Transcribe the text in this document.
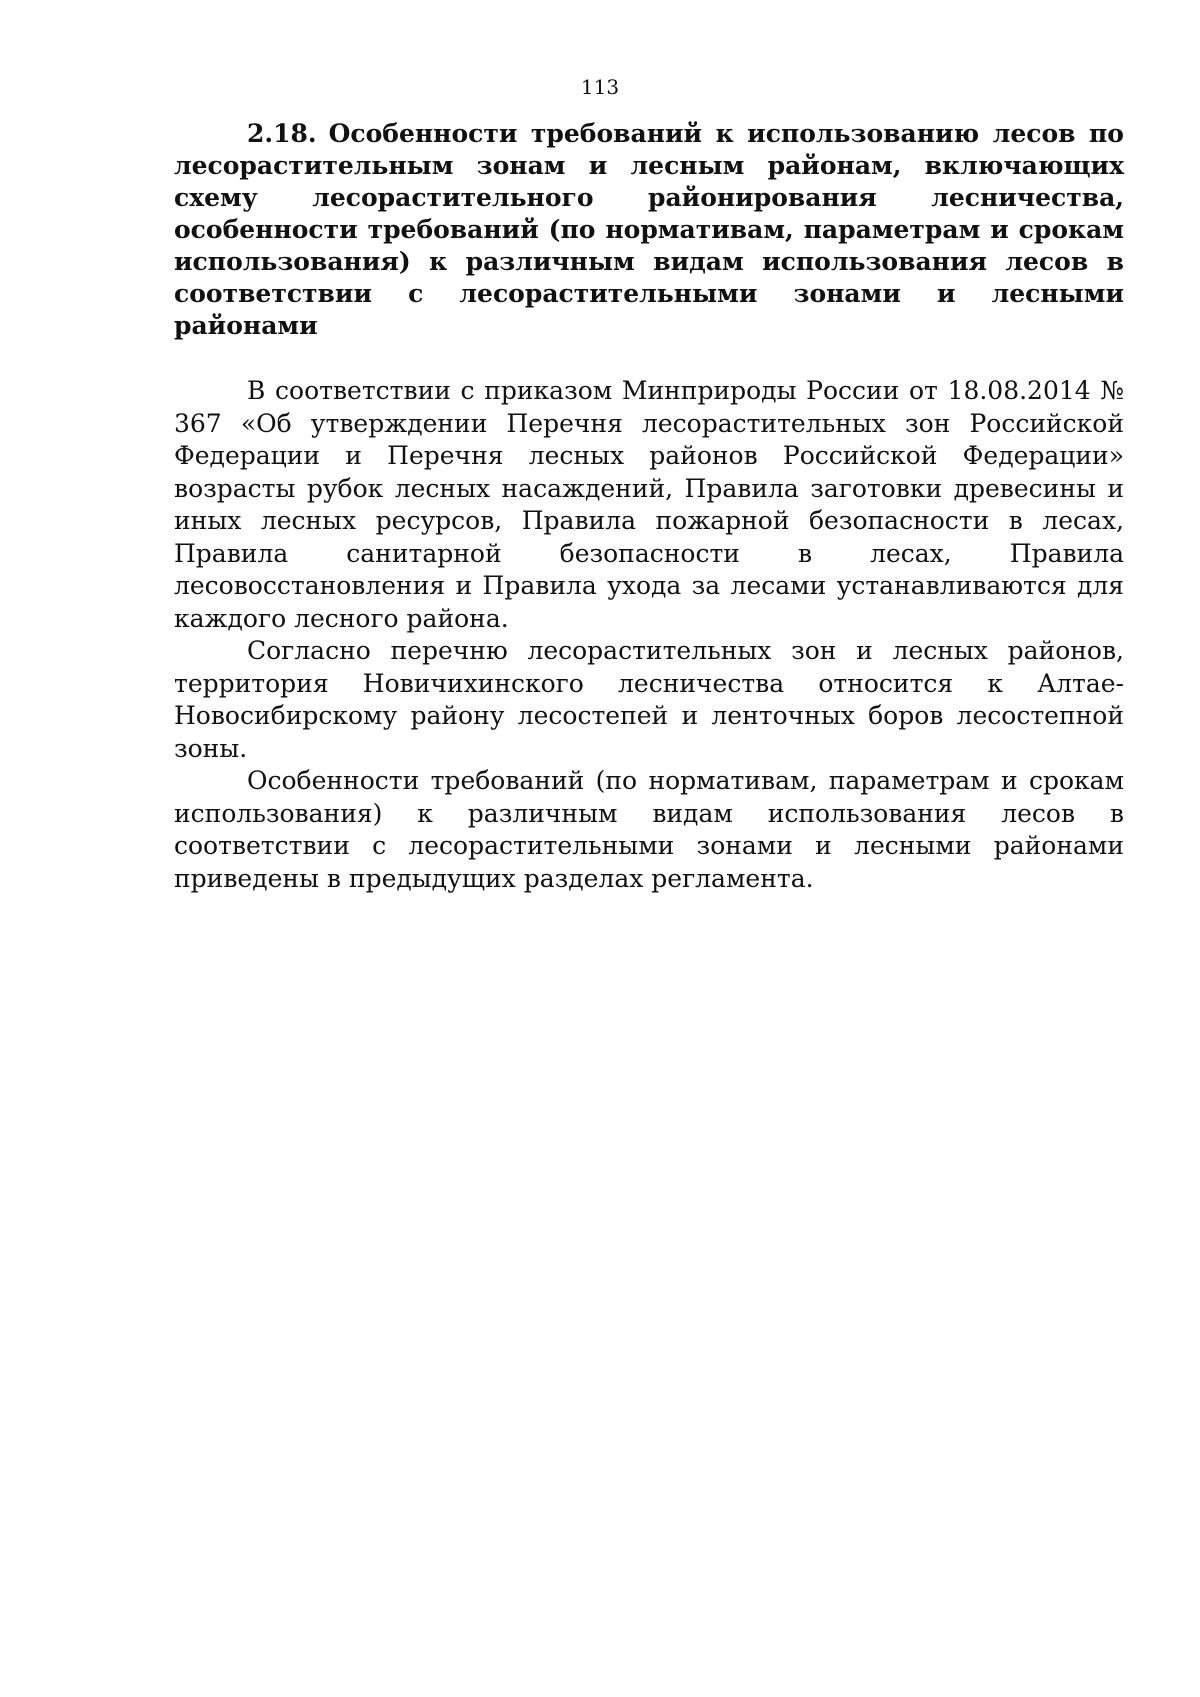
113
2.18. Особенности требований к использованию лесов по лесорастительным зонам и лесным районам, включающих схему лесорастительного районирования лесничества, особенности требований (по нормативам, параметрам и срокам использования) к различным видам использования лесов в соответствии с лесорастительными зонами и лесными районами

В соответствии с приказом Минприроды России от 18.08.2014 № 367 «Об утверждении Перечня лесорастительных зон Российской Федерации и Перечня лесных районов Российской Федерации» возрасты рубок лесных насаждений, Правила заготовки древесины и иных лесных ресурсов, Правила пожарной безопасности в лесах, Правила санитарной безопасности в лесах, Правила лесовосстановления и Правила ухода за лесами устанавливаются для каждого лесного района.

Согласно перечню лесорастительных зон и лесных районов, территория Новичихинского лесничества относится к Алтае-Новосибирскому району лесостепей и ленточных боров лесостепной зоны.

Особенности требований (по нормативам, параметрам и срокам использования) к различным видам использования лесов в соответствии с лесорастительными зонами и лесными районами приведены в предыдущих разделах регламента.
